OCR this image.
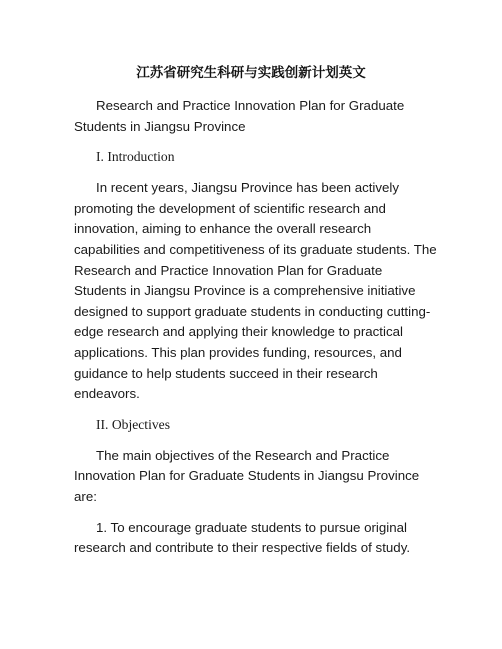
江苏省研究生科研与实践创新计划英文

Research and Practice Innovation Plan for Graduate Students in Jiangsu Province

I. Introduction

In recent years, Jiangsu Province has been actively promoting the development of scientific research and innovation, aiming to enhance the overall research capabilities and competitiveness of its graduate students. The Research and Practice Innovation Plan for Graduate Students in Jiangsu Province is a comprehensive initiative designed to support graduate students in conducting cutting-edge research and applying their knowledge to practical applications. This plan provides funding, resources, and guidance to help students succeed in their research endeavors.

II. Objectives

The main objectives of the Research and Practice Innovation Plan for Graduate Students in Jiangsu Province are:

1. To encourage graduate students to pursue original research and contribute to their respective fields of study.
